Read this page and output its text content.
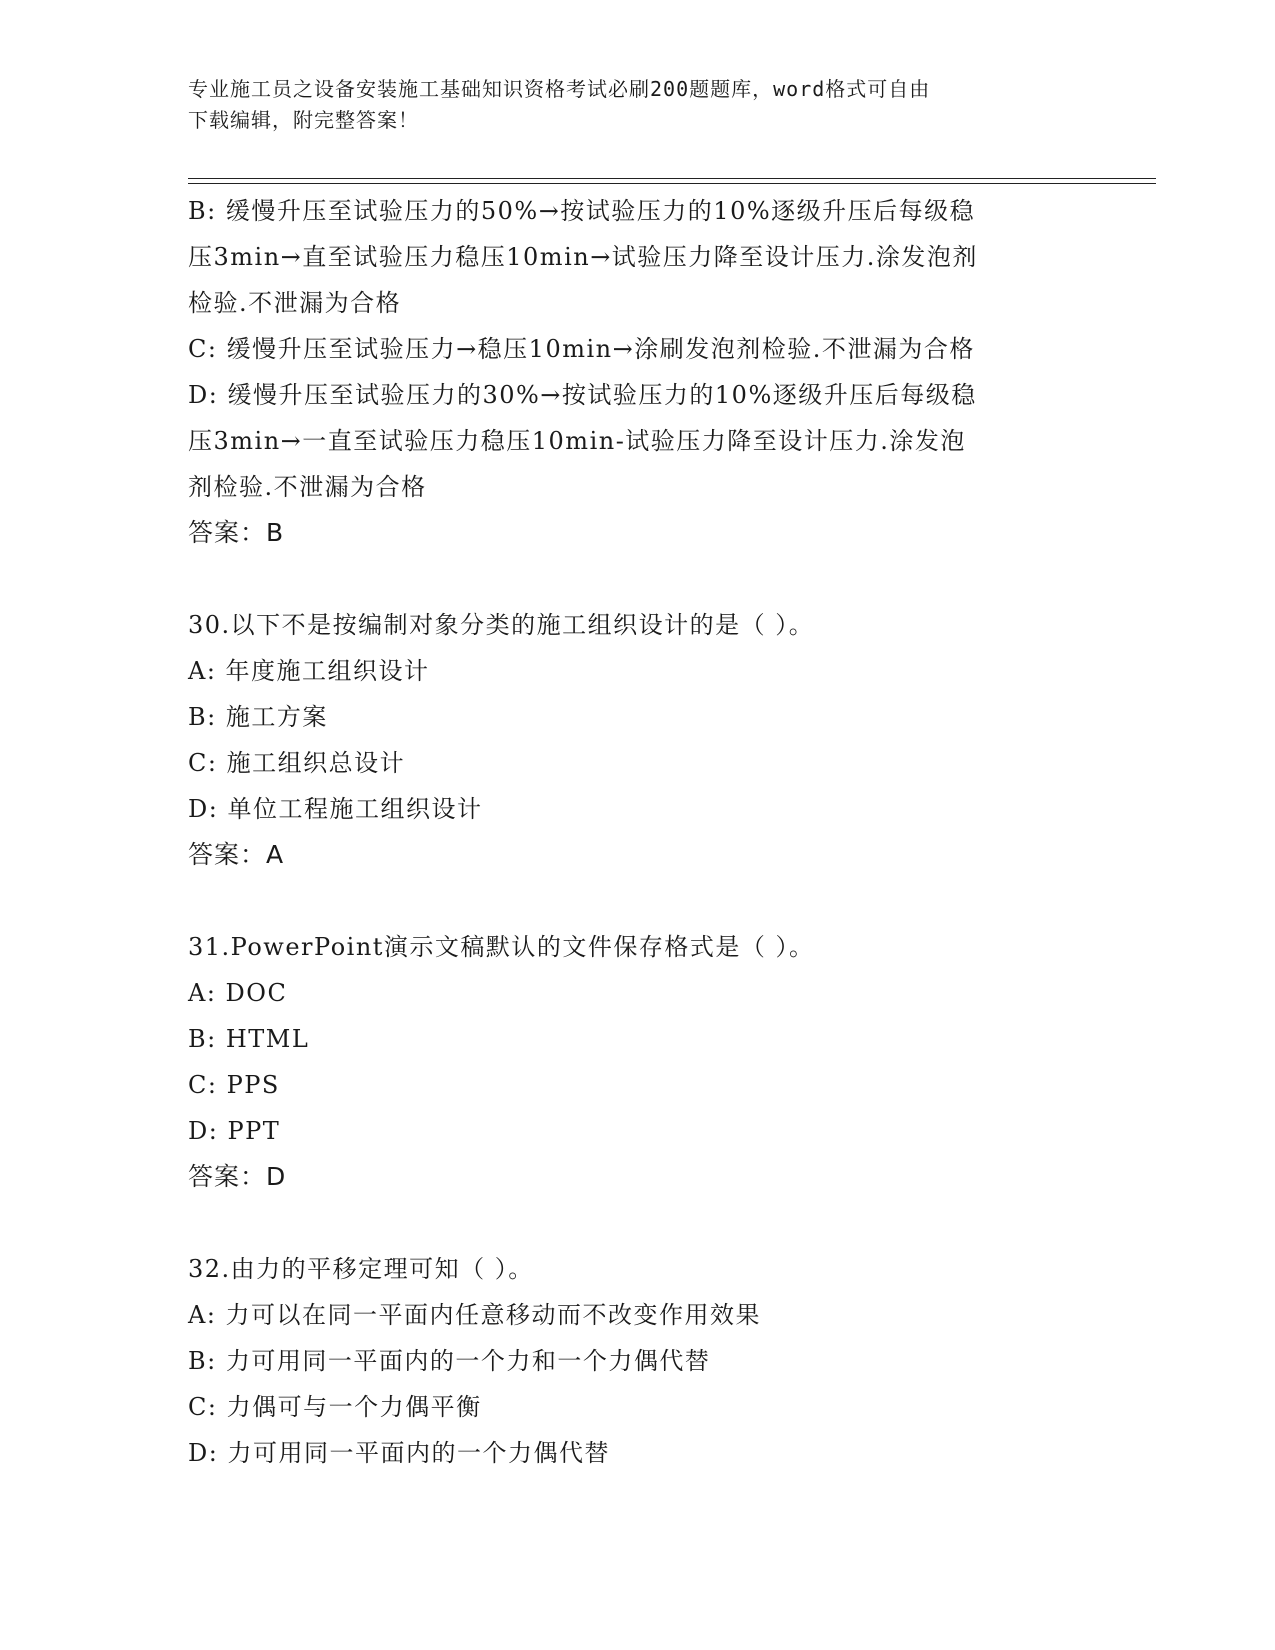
专业施工员之设备安装施工基础知识资格考试必刷200题题库，word格式可自由
下载编辑，附完整答案！
B: 缓慢升压至试验压力的50%→按试验压力的10%逐级升压后每级稳
压3min→直至试验压力稳压10min→试验压力降至设计压力.涂发泡剂
检验.不泄漏为合格
C: 缓慢升压至试验压力→稳压10min→涂刷发泡剂检验.不泄漏为合格
D: 缓慢升压至试验压力的30%→按试验压力的10%逐级升压后每级稳
压3min→一直至试验压力稳压10min-试验压力降至设计压力.涂发泡
剂检验.不泄漏为合格
答案：B
30.以下不是按编制对象分类的施工组织设计的是（ ）。
A: 年度施工组织设计
B: 施工方案
C: 施工组织总设计
D: 单位工程施工组织设计
答案：A
31.PowerPoint演示文稿默认的文件保存格式是（ ）。
A: DOC
B: HTML
C: PPS
D: PPT
答案：D
32.由力的平移定理可知（ ）。
A: 力可以在同一平面内任意移动而不改变作用效果
B: 力可用同一平面内的一个力和一个力偶代替
C: 力偶可与一个力偶平衡
D: 力可用同一平面内的一个力偶代替
